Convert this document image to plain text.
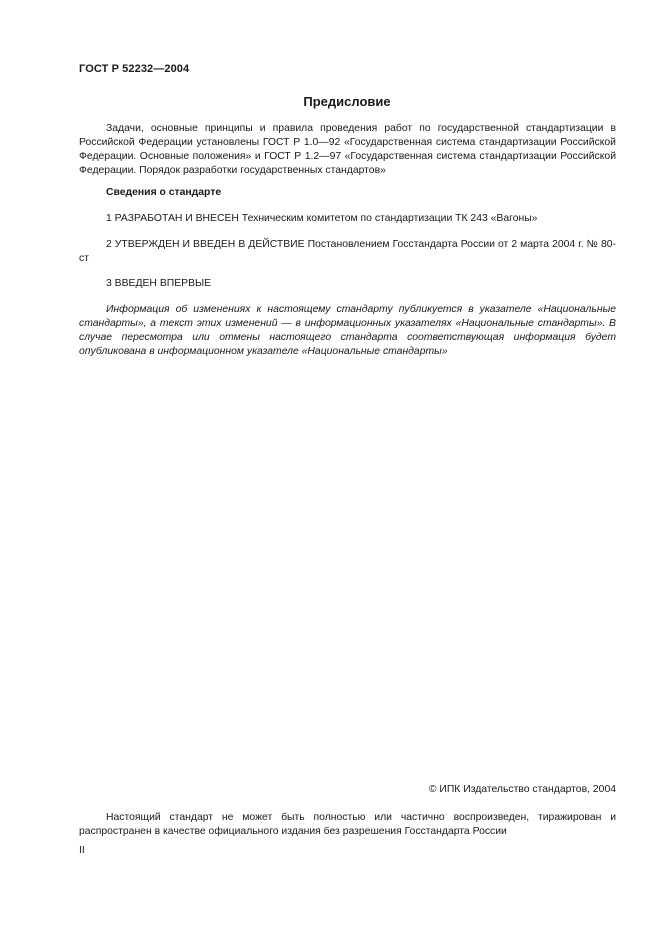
ГОСТ Р 52232—2004
Предисловие
Задачи, основные принципы и правила проведения работ по государственной стандартизации в Российской Федерации установлены ГОСТ Р 1.0—92 «Государственная система стандартизации Российской Федерации. Основные положения» и ГОСТ Р 1.2—97 «Государственная система стандартизации Российской Федерации. Порядок разработки государственных стандартов»
Сведения о стандарте
1 РАЗРАБОТАН И ВНЕСЕН Техническим комитетом по стандартизации ТК 243 «Вагоны»
2 УТВЕРЖДЕН И ВВЕДЕН В ДЕЙСТВИЕ Постановлением Госстандарта России от 2 марта 2004 г. № 80-ст
3 ВВЕДЕН ВПЕРВЫЕ
Информация об изменениях к настоящему стандарту публикуется в указателе «Национальные стандарты», а текст этих изменений — в информационных указателях «Национальные стандарты». В случае пересмотра или отмены настоящего стандарта соответствующая информация будет опубликована в информационном указателе «Национальные стандарты»
© ИПК Издательство стандартов, 2004
Настоящий стандарт не может быть полностью или частично воспроизведен, тиражирован и распространен в качестве официального издания без разрешения Госстандарта России
II
